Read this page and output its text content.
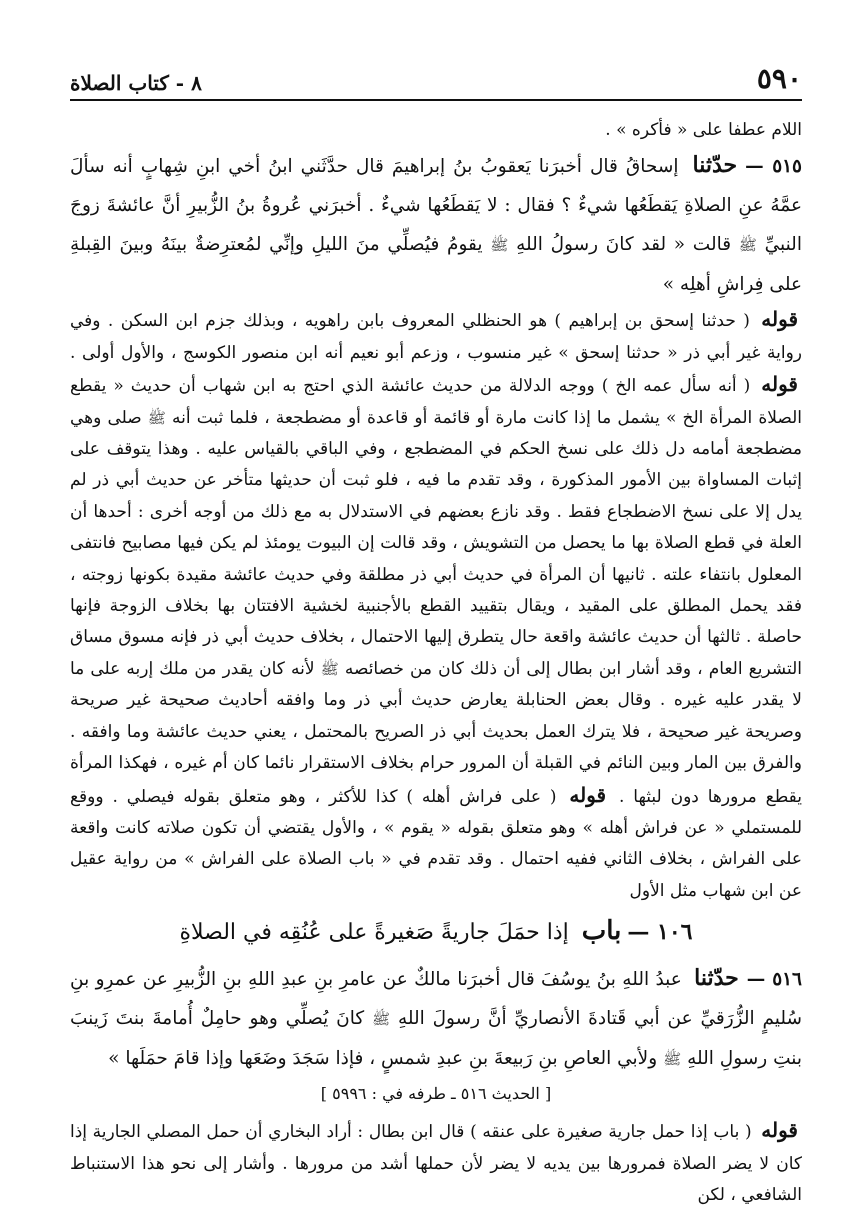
٥٩٠
٨ - كتاب الصلاة

اللام عطفا على « فأكره » .

٥١٥ —حدّثنا إسحاقُ قال أخبرَنا يَعقوبُ بنُ إبراهيمَ قال حدَّثَني ابنُ أخي ابنِ شِهابٍ أنه سألَ عمَّهُ عنِ الصلاةِ يَقطَعُها شيءٌ ؟ فقال : لا يَقطَعُها شيءٌ . أخبرَني عُروةُ بنُ الزُّبيرِ أنَّ عائشةَ زوجَ النبيِّ ﷺ قالت « لقد كانَ رسولُ اللهِ ﷺ يقومُ فيُصلِّي منَ الليلِ وإنِّي لمُعترِضةٌ بينَهُ وبينَ القِبلةِ على فِراشِ أهلِه »

قوله ( حدثنا إسحق بن إبراهيم ) هو الحنظلي المعروف بابن راهويه ، وبذلك جزم ابن السكن . وفي رواية غير أبي ذر « حدثنا إسحق » غير منسوب ، وزعم أبو نعيم أنه ابن منصور الكوسج ، والأول أولى . قوله ( أنه سأل عمه الخ ) ووجه الدلالة من حديث عائشة الذي احتج به ابن شهاب أن حديث « يقطع الصلاة المرأة الخ » يشمل ما إذا كانت مارة أو قائمة أو قاعدة أو مضطجعة ، فلما ثبت أنه ﷺ صلى وهي مضطجعة أمامه دل ذلك على نسخ الحكم في المضطجع ، وفي الباقي بالقياس عليه . وهذا يتوقف على إثبات المساواة بين الأمور المذكورة ، وقد تقدم ما فيه ، فلو ثبت أن حديثها متأخر عن حديث أبي ذر لم يدل إلا على نسخ الاضطجاع فقط . وقد نازع بعضهم في الاستدلال به مع ذلك من أوجه أخرى : أحدها أن العلة في قطع الصلاة بها ما يحصل من التشويش ، وقد قالت إن البيوت يومئذ لم يكن فيها مصابيح فانتفى المعلول بانتفاء علته . ثانيها أن المرأة في حديث أبي ذر مطلقة وفي حديث عائشة مقيدة بكونها زوجته ، فقد يحمل المطلق على المقيد ، ويقال بتقييد القطع بالأجنبية لخشية الافتتان بها بخلاف الزوجة فإنها حاصلة . ثالثها أن حديث عائشة واقعة حال يتطرق إليها الاحتمال ، بخلاف حديث أبي ذر فإنه مسوق مساق التشريع العام ، وقد أشار ابن بطال إلى أن ذلك كان من خصائصه ﷺ لأنه كان يقدر من ملك إربه على ما لا يقدر عليه غيره . وقال بعض الحنابلة يعارض حديث أبي ذر وما وافقه أحاديث صحيحة غير صريحة وصريحة غير صحيحة ، فلا يترك العمل بحديث أبي ذر الصريح بالمحتمل ، يعني حديث عائشة وما وافقه . والفرق بين المار وبين النائم في القبلة أن المرور حرام بخلاف الاستقرار نائما كان أم غيره ، فهكذا المرأة يقطع مرورها دون لبثها . قوله ( على فراش أهله ) كذا للأكثر ، وهو متعلق بقوله فيصلي . ووقع للمستملي « عن فراش أهله » وهو متعلق بقوله « يقوم » ، والأول يقتضي أن تكون صلاته كانت واقعة على الفراش ، بخلاف الثاني ففيه احتمال . وقد تقدم في « باب الصلاة على الفراش » من رواية عقيل عن ابن شهاب مثل الأول

١٠٦ —باب إذا حمَلَ جاريةً صَغيرةً على عُنُقِه في الصلاةِ

٥١٦ —حدّثنا عبدُ اللهِ بنُ يوسُفَ قال أخبرَنا مالكٌ عن عامرِ بنِ عبدِ اللهِ بنِ الزُّبيرِ عن عمرِو بنِ سُليمٍ الزُّرَقيِّ عن أبي قَتادةَ الأنصاريِّ أنَّ رسولَ اللهِ ﷺ كانَ يُصلِّي وهو حامِلٌ أُمامةَ بنتَ زَينبَ بنتِ رسولِ اللهِ ﷺ ولأبي العاصِ بنِ رَبيعةَ بنِ عبدِ شمسٍ ، فإذا سَجَدَ وضَعَها وإذا قامَ حمَلَها »

[ الحديث ٥١٦ ـ طرفه في : ٥٩٩٦ ]

قوله ( باب إذا حمل جارية صغيرة على عنقه ) قال ابن بطال : أراد البخاري أن حمل المصلي الجارية إذا كان لا يضر الصلاة فمرورها بين يديه لا يضر لأن حملها أشد من مرورها . وأشار إلى نحو هذا الاستنباط الشافعي ، لكن
